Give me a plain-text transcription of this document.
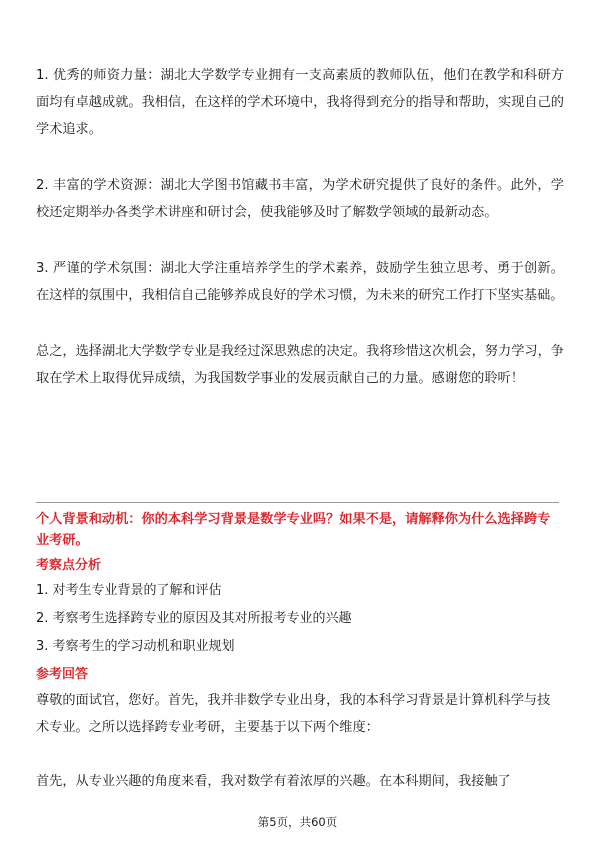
1. 优秀的师资力量：湖北大学数学专业拥有一支高素质的教师队伍，他们在教学和科研方面均有卓越成就。我相信，在这样的学术环境中，我将得到充分的指导和帮助，实现自己的学术追求。

2. 丰富的学术资源：湖北大学图书馆藏书丰富，为学术研究提供了良好的条件。此外，学校还定期举办各类学术讲座和研讨会，使我能够及时了解数学领域的最新动态。

3. 严谨的学术氛围：湖北大学注重培养学生的学术素养，鼓励学生独立思考、勇于创新。在这样的氛围中，我相信自己能够养成良好的学术习惯，为未来的研究工作打下坚实基础。

总之，选择湖北大学数学专业是我经过深思熟虑的决定。我将珍惜这次机会，努力学习，争取在学术上取得优异成绩，为我国数学事业的发展贡献自己的力量。感谢您的聆听！

个人背景和动机：你的本科学习背景是数学专业吗？如果不是，请解释你为什么选择跨专业考研。

考察点分析

1. 对考生专业背景的了解和评估

2. 考察考生选择跨专业的原因及其对所报考专业的兴趣

3. 考察考生的学习动机和职业规划

参考回答

尊敬的面试官，您好。首先，我并非数学专业出身，我的本科学习背景是计算机科学与技术专业。之所以选择跨专业考研，主要基于以下两个维度：

首先，从专业兴趣的角度来看，我对数学有着浓厚的兴趣。在本科期间，我接触了

第5页，共60页
